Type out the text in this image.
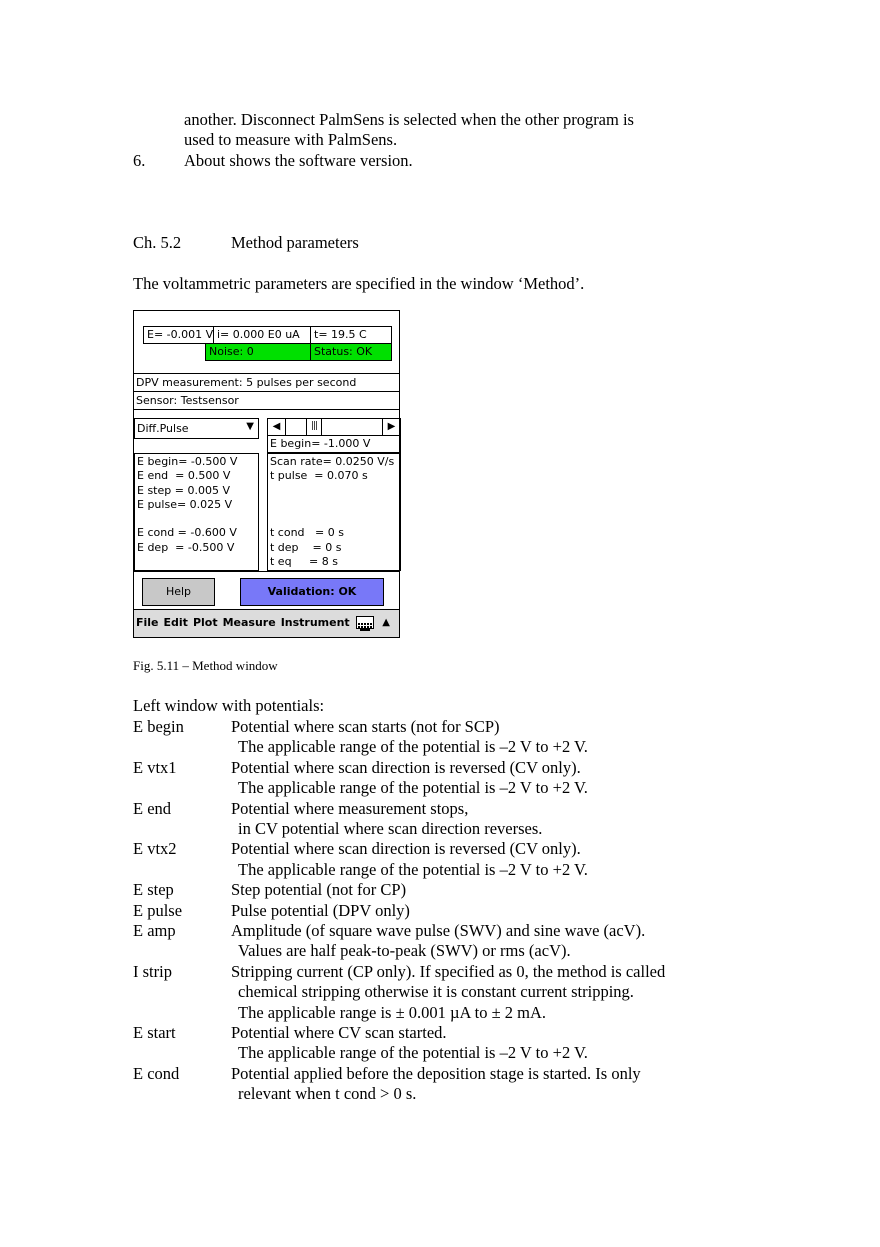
another. Disconnect PalmSens is selected when the other program is
used to measure with PalmSens.
6. About shows the software version.
Ch. 5.2	Method parameters
The voltammetric parameters are specified in the window ‘Method’.
E= -0.001 V i= 0.000 E0 uA	t= 19.5 C
Noise: 0	Status: OK
DPV measurement: 5 pulses per second
Sensor: Testsensor
Diff.Pulse	▼	◀	|||	▶
E begin= -1.000 V
E begin= -0.500 V
E end  = 0.500 V
E step = 0.005 V
E pulse= 0.025 V
E cond = -0.600 V
E dep  = -0.500 V
Scan rate= 0.0250 V/s
t pulse  = 0.070 s
t cond   = 0 s
t dep    = 0 s
t eq     = 8 s
Help	Validation: OK
File Edit Plot Measure Instrument	▲
Fig. 5.11 – Method window
Left window with potentials:
E begin	Potential where scan starts (not for SCP)
The applicable range of the potential is –2 V to +2 V.
E vtx1	Potential where scan direction is reversed (CV only).
The applicable range of the potential is –2 V to +2 V.
E end	Potential where measurement stops,
in CV potential where scan direction reverses.
E vtx2	Potential where scan direction is reversed (CV only).
The applicable range of the potential is –2 V to +2 V.
E step	Step potential (not for CP)
E pulse	Pulse potential (DPV only)
E amp	Amplitude (of square wave pulse (SWV) and sine wave (acV).
Values are half peak-to-peak (SWV) or rms (acV).
I strip	Stripping current (CP only). If specified as 0, the method is called
chemical stripping otherwise it is constant current stripping.
The applicable range is ± 0.001 µA to ± 2 mA.
E start	Potential where CV scan started.
The applicable range of the potential is –2 V to +2 V.
E cond	Potential applied before the deposition stage is started. Is only
relevant when t cond > 0 s.
